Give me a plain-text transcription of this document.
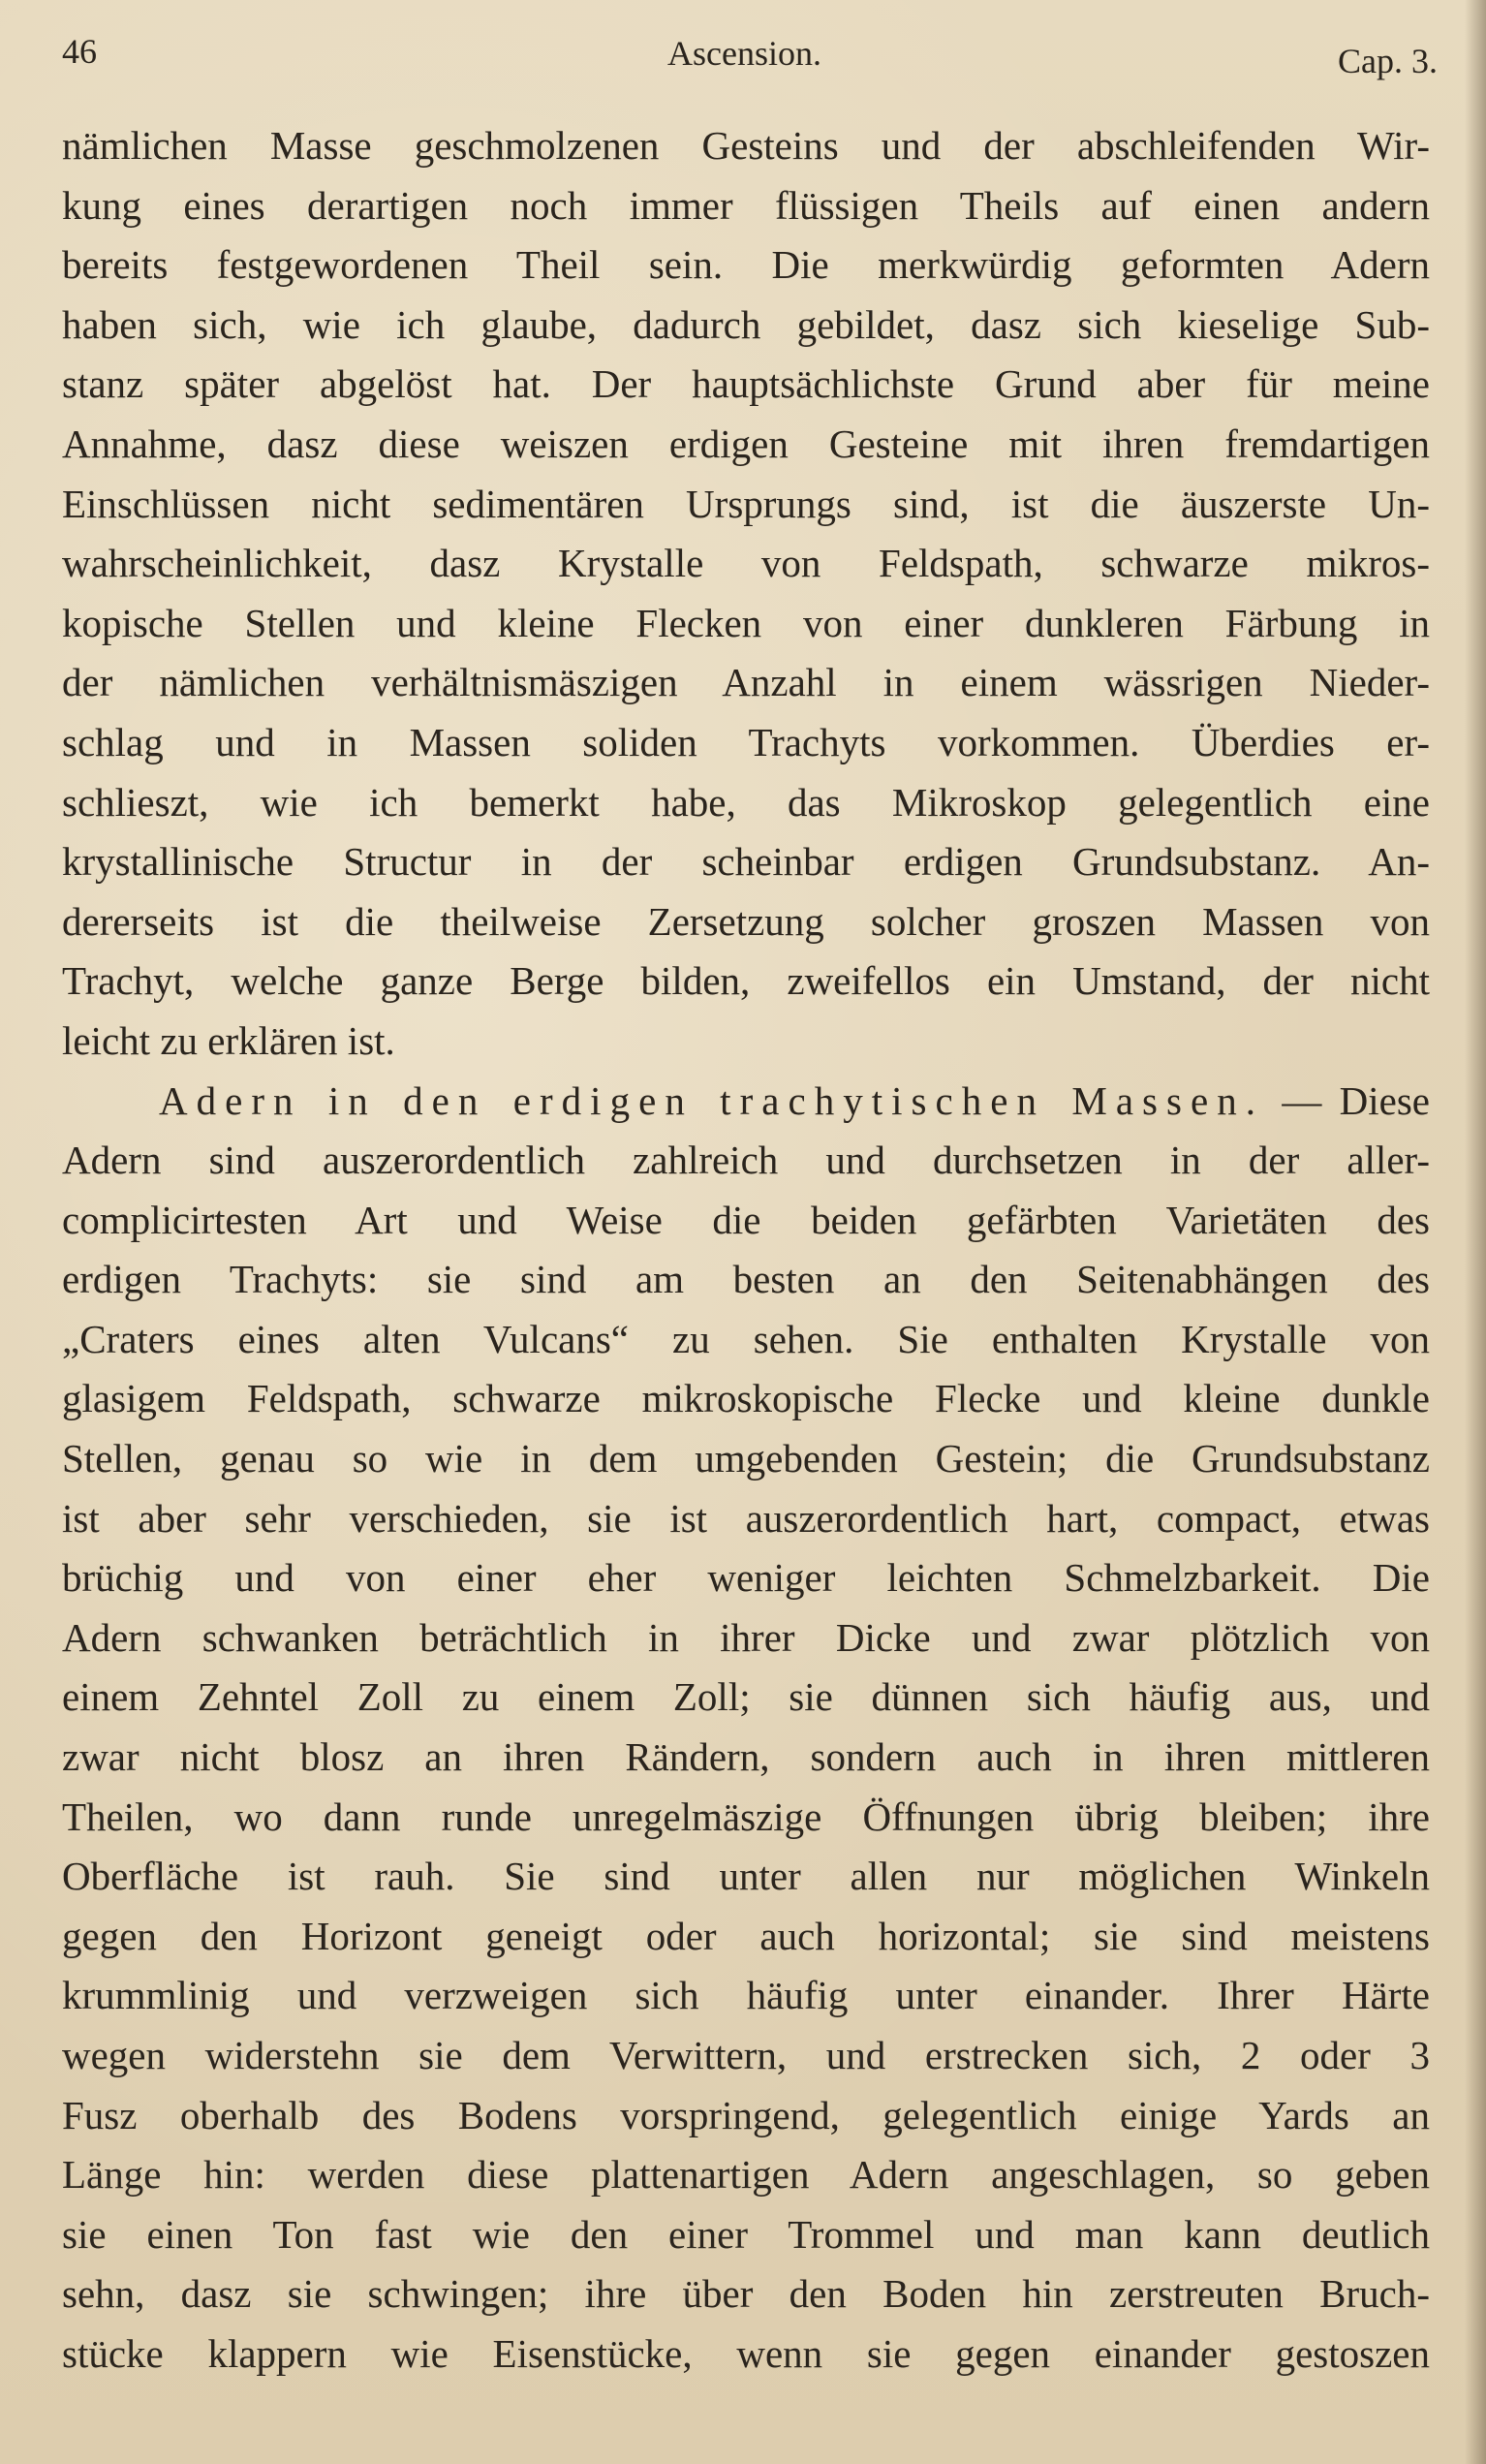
46	Ascension.	Cap. 3.
nämlichen Masse geschmolzenen Gesteins und der abschleifenden Wir-
kung eines derartigen noch immer flüssigen Theils auf einen andern
bereits festgewordenen Theil sein. Die merkwürdig geformten Adern
haben sich, wie ich glaube, dadurch gebildet, dasz sich kieselige Sub-
stanz später abgelöst hat. Der hauptsächlichste Grund aber für meine
Annahme, dasz diese weiszen erdigen Gesteine mit ihren fremdartigen
Einschlüssen nicht sedimentären Ursprungs sind, ist die äuszerste Un-
wahrscheinlichkeit, dasz Krystalle von Feldspath, schwarze mikros-
kopische Stellen und kleine Flecken von einer dunkleren Färbung in
der nämlichen verhältnismäszigen Anzahl in einem wässrigen Nieder-
schlag und in Massen soliden Trachyts vorkommen. Überdies er-
schlieszt, wie ich bemerkt habe, das Mikroskop gelegentlich eine
krystallinische Structur in der scheinbar erdigen Grundsubstanz. An-
dererseits ist die theilweise Zersetzung solcher groszen Massen von
Trachyt, welche ganze Berge bilden, zweifellos ein Umstand, der nicht
leicht zu erklären ist.
Adern in den erdigen trachytischen Massen. — Diese
Adern sind auszerordentlich zahlreich und durchsetzen in der aller-
complicirtesten Art und Weise die beiden gefärbten Varietäten des
erdigen Trachyts: sie sind am besten an den Seitenabhängen des
„Craters eines alten Vulcans“ zu sehen. Sie enthalten Krystalle von
glasigem Feldspath, schwarze mikroskopische Flecke und kleine dunkle
Stellen, genau so wie in dem umgebenden Gestein; die Grundsubstanz
ist aber sehr verschieden, sie ist auszerordentlich hart, compact, etwas
brüchig und von einer eher weniger leichten Schmelzbarkeit. Die
Adern schwanken beträchtlich in ihrer Dicke und zwar plötzlich von
einem Zehntel Zoll zu einem Zoll; sie dünnen sich häufig aus, und
zwar nicht blosz an ihren Rändern, sondern auch in ihren mittleren
Theilen, wo dann runde unregelmäszige Öffnungen übrig bleiben; ihre
Oberfläche ist rauh. Sie sind unter allen nur möglichen Winkeln
gegen den Horizont geneigt oder auch horizontal; sie sind meistens
krummlinig und verzweigen sich häufig unter einander. Ihrer Härte
wegen widerstehn sie dem Verwittern, und erstrecken sich, 2 oder 3
Fusz oberhalb des Bodens vorspringend, gelegentlich einige Yards an
Länge hin: werden diese plattenartigen Adern angeschlagen, so geben
sie einen Ton fast wie den einer Trommel und man kann deutlich
sehn, dasz sie schwingen; ihre über den Boden hin zerstreuten Bruch-
stücke klappern wie Eisenstücke, wenn sie gegen einander gestoszen
